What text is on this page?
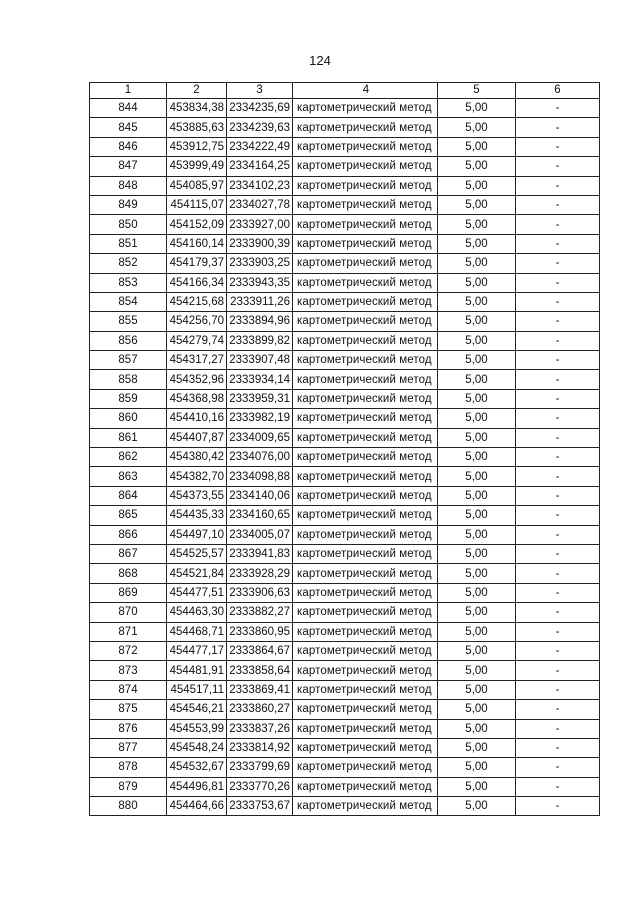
124
1	2	3	4	5	6
844	453834,38	2334235,69	картометрический метод	5,00	-
845	453885,63	2334239,63	картометрический метод	5,00	-
846	453912,75	2334222,49	картометрический метод	5,00	-
847	453999,49	2334164,25	картометрический метод	5,00	-
848	454085,97	2334102,23	картометрический метод	5,00	-
849	454115,07	2334027,78	картометрический метод	5,00	-
850	454152,09	2333927,00	картометрический метод	5,00	-
851	454160,14	2333900,39	картометрический метод	5,00	-
852	454179,37	2333903,25	картометрический метод	5,00	-
853	454166,34	2333943,35	картометрический метод	5,00	-
854	454215,68	2333911,26	картометрический метод	5,00	-
855	454256,70	2333894,96	картометрический метод	5,00	-
856	454279,74	2333899,82	картометрический метод	5,00	-
857	454317,27	2333907,48	картометрический метод	5,00	-
858	454352,96	2333934,14	картометрический метод	5,00	-
859	454368,98	2333959,31	картометрический метод	5,00	-
860	454410,16	2333982,19	картометрический метод	5,00	-
861	454407,87	2334009,65	картометрический метод	5,00	-
862	454380,42	2334076,00	картометрический метод	5,00	-
863	454382,70	2334098,88	картометрический метод	5,00	-
864	454373,55	2334140,06	картометрический метод	5,00	-
865	454435,33	2334160,65	картометрический метод	5,00	-
866	454497,10	2334005,07	картометрический метод	5,00	-
867	454525,57	2333941,83	картометрический метод	5,00	-
868	454521,84	2333928,29	картометрический метод	5,00	-
869	454477,51	2333906,63	картометрический метод	5,00	-
870	454463,30	2333882,27	картометрический метод	5,00	-
871	454468,71	2333860,95	картометрический метод	5,00	-
872	454477,17	2333864,67	картометрический метод	5,00	-
873	454481,91	2333858,64	картометрический метод	5,00	-
874	454517,11	2333869,41	картометрический метод	5,00	-
875	454546,21	2333860,27	картометрический метод	5,00	-
876	454553,99	2333837,26	картометрический метод	5,00	-
877	454548,24	2333814,92	картометрический метод	5,00	-
878	454532,67	2333799,69	картометрический метод	5,00	-
879	454496,81	2333770,26	картометрический метод	5,00	-
880	454464,66	2333753,67	картометрический метод	5,00	-
